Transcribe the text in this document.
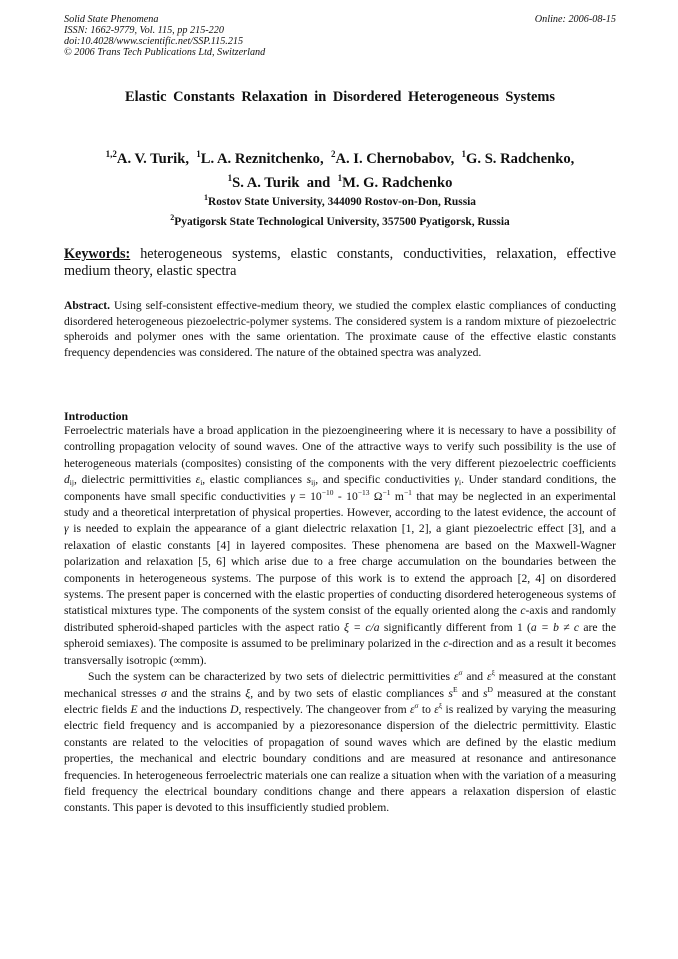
Solid State Phenomena
ISSN: 1662-9779, Vol. 115, pp 215-220
doi:10.4028/www.scientific.net/SSP.115.215
© 2006 Trans Tech Publications Ltd, Switzerland
Online: 2006-08-15
Elastic Constants Relaxation in Disordered Heterogeneous Systems
$^{1,2}$A. V. Turik, $^1$L. A. Reznitchenko, $^2$A. I. Chernobabov, $^1$G. S. Radchenko,
$^1$S. A. Turik and $^1$M. G. Radchenko
$^1$Rostov State University, 344090 Rostov-on-Don, Russia
$^2$Pyatigorsk State Technological University, 357500 Pyatigorsk, Russia
Keywords: heterogeneous systems, elastic constants, conductivities, relaxation, effective medium theory, elastic spectra
Abstract. Using self-consistent effective-medium theory, we studied the complex elastic compliances of conducting disordered heterogeneous piezoelectric-polymer systems. The considered system is a random mixture of piezoelectric spheroids and polymer ones with the same orientation. The proximate cause of the effective elastic constants frequency dependencies was considered. The nature of the obtained spectra was analyzed.
Introduction

Ferroelectric materials have a broad application in the piezoengineering where it is necessary to have a possibility of controlling propagation velocity of sound waves. One of the attractive ways to verify such possibility is the use of heterogeneous materials (composites) consisting of the components with the very different piezoelectric coefficients $d_{ij}$, dielectric permittivities $\varepsilon_i$, elastic compliances $s_{ij}$, and specific conductivities $\gamma_i$. Under standard conditions, the components have small specific conductivities $\gamma = 10^{-10} - 10^{-13}$ $\Omega^{-1}$ $m^{-1}$ that may be neglected in an experimental study and a theoretical interpretation of physical properties. However, according to the latest evidence, the account of γ is needed to explain the appearance of a giant dielectric relaxation [1, 2], a giant piezoelectric effect [3], and a relaxation of elastic constants [4] in layered composites. These phenomena are based on the Maxwell-Wagner polarization and relaxation [5, 6] which arise due to a free charge accumulation on the boundaries between the components in heterogeneous systems. The purpose of this work is to extend the approach [2, 4] on disordered systems. The present paper is concerned with the elastic properties of conducting disordered heterogeneous systems of statistical mixtures type. The components of the system consist of the equally oriented along the c-axis and randomly distributed spheroid-shaped particles with the aspect ratio ξ = c/a significantly different from 1 (a = b ≠ c are the spheroid semiaxes). The composite is assumed to be preliminary polarized in the c-direction and as a result it becomes transversally isotropic (∞mm).

Such the system can be characterized by two sets of dielectric permittivities $\varepsilon^\sigma$ and $\varepsilon^\xi$ measured at the constant mechanical stresses σ and the strains ξ, and by two sets of elastic compliances $s^E$ and $s^D$ measured at the constant electric fields E and the inductions D, respectively. The changeover from $\varepsilon^\sigma$ to $\varepsilon^\xi$ is realized by varying the measuring electric field frequency and is accompanied by a piezoresonance dispersion of the dielectric permittivity. Elastic constants are related to the velocities of propagation of sound waves which are defined by the elastic medium properties, the mechanical and electric boundary conditions and are measured at resonance and antiresonance frequencies. In heterogeneous ferroelectric materials one can realize a situation when with the variation of a measuring field frequency the electrical boundary conditions change and there appears a relaxation dispersion of elastic constants. This paper is devoted to this insufficiently studied problem.
